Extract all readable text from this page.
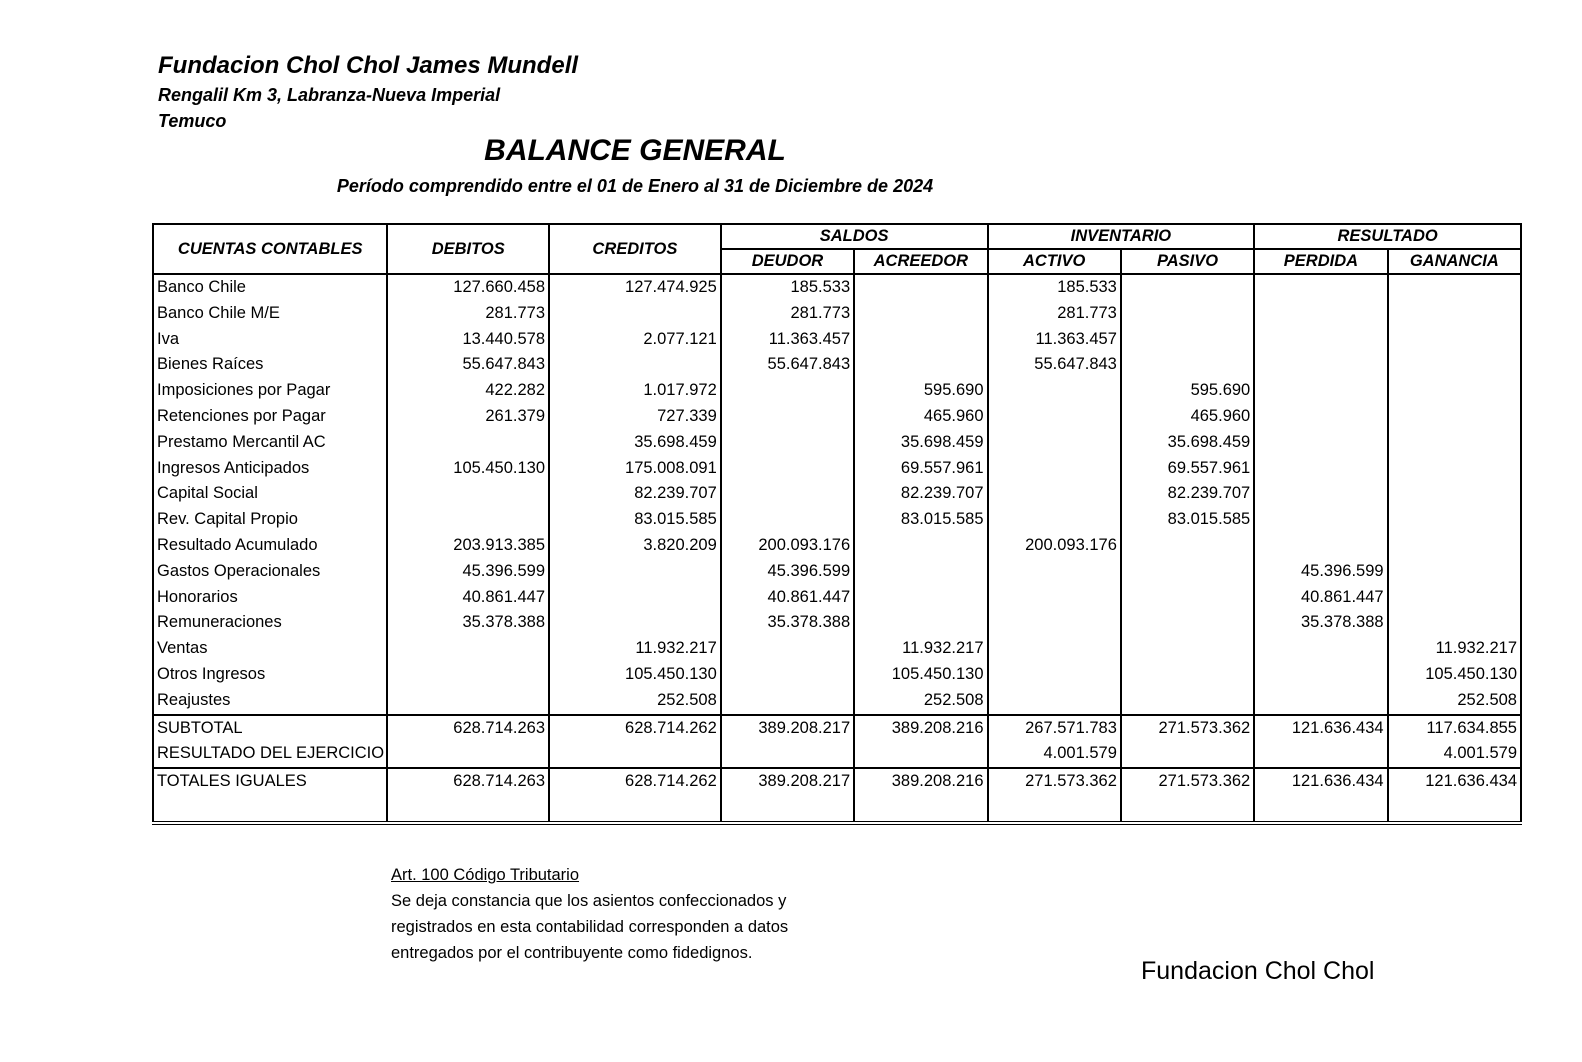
Fundacion Chol Chol James Mundell
Rengalil Km 3, Labranza-Nueva Imperial
Temuco
BALANCE GENERAL
Período comprendido entre el 01 de Enero al 31 de Diciembre de 2024
CUENTAS CONTABLES	DEBITOS	CREDITOS	SALDOS		INVENTARIO		RESULTADO	
			DEUDOR	ACREEDOR	ACTIVO	PASIVO	PERDIDA	GANANCIA
Banco Chile	127.660.458	127.474.925	185.533		185.533			
Banco Chile M/E	281.773		281.773		281.773			
Iva	13.440.578	2.077.121	11.363.457		11.363.457			
Bienes Raíces	55.647.843		55.647.843		55.647.843			
Imposiciones por Pagar	422.282	1.017.972		595.690		595.690		
Retenciones por Pagar	261.379	727.339		465.960		465.960		
Prestamo Mercantil AC		35.698.459		35.698.459		35.698.459		
Ingresos Anticipados	105.450.130	175.008.091		69.557.961		69.557.961		
Capital Social		82.239.707		82.239.707		82.239.707		
Rev. Capital Propio		83.015.585		83.015.585		83.015.585		
Resultado Acumulado	203.913.385	3.820.209	200.093.176		200.093.176			
Gastos Operacionales	45.396.599		45.396.599				45.396.599	
Honorarios	40.861.447		40.861.447				40.861.447	
Remuneraciones	35.378.388		35.378.388				35.378.388	
Ventas		11.932.217		11.932.217				11.932.217
Otros Ingresos		105.450.130		105.450.130				105.450.130
Reajustes		252.508		252.508				252.508
SUBTOTAL	628.714.263	628.714.262	389.208.217	389.208.216	267.571.783	271.573.362	121.636.434	117.634.855
RESULTADO DEL EJERCICIO					4.001.579			4.001.579
TOTALES IGUALES	628.714.263	628.714.262	389.208.217	389.208.216	271.573.362	271.573.362	121.636.434	121.636.434

Art. 100 Código Tributario
Se deja constancia que los asientos confeccionados y
registrados en esta contabilidad corresponden a datos
entregados por el contribuyente como fidedignos.
Fundacion Chol Chol
